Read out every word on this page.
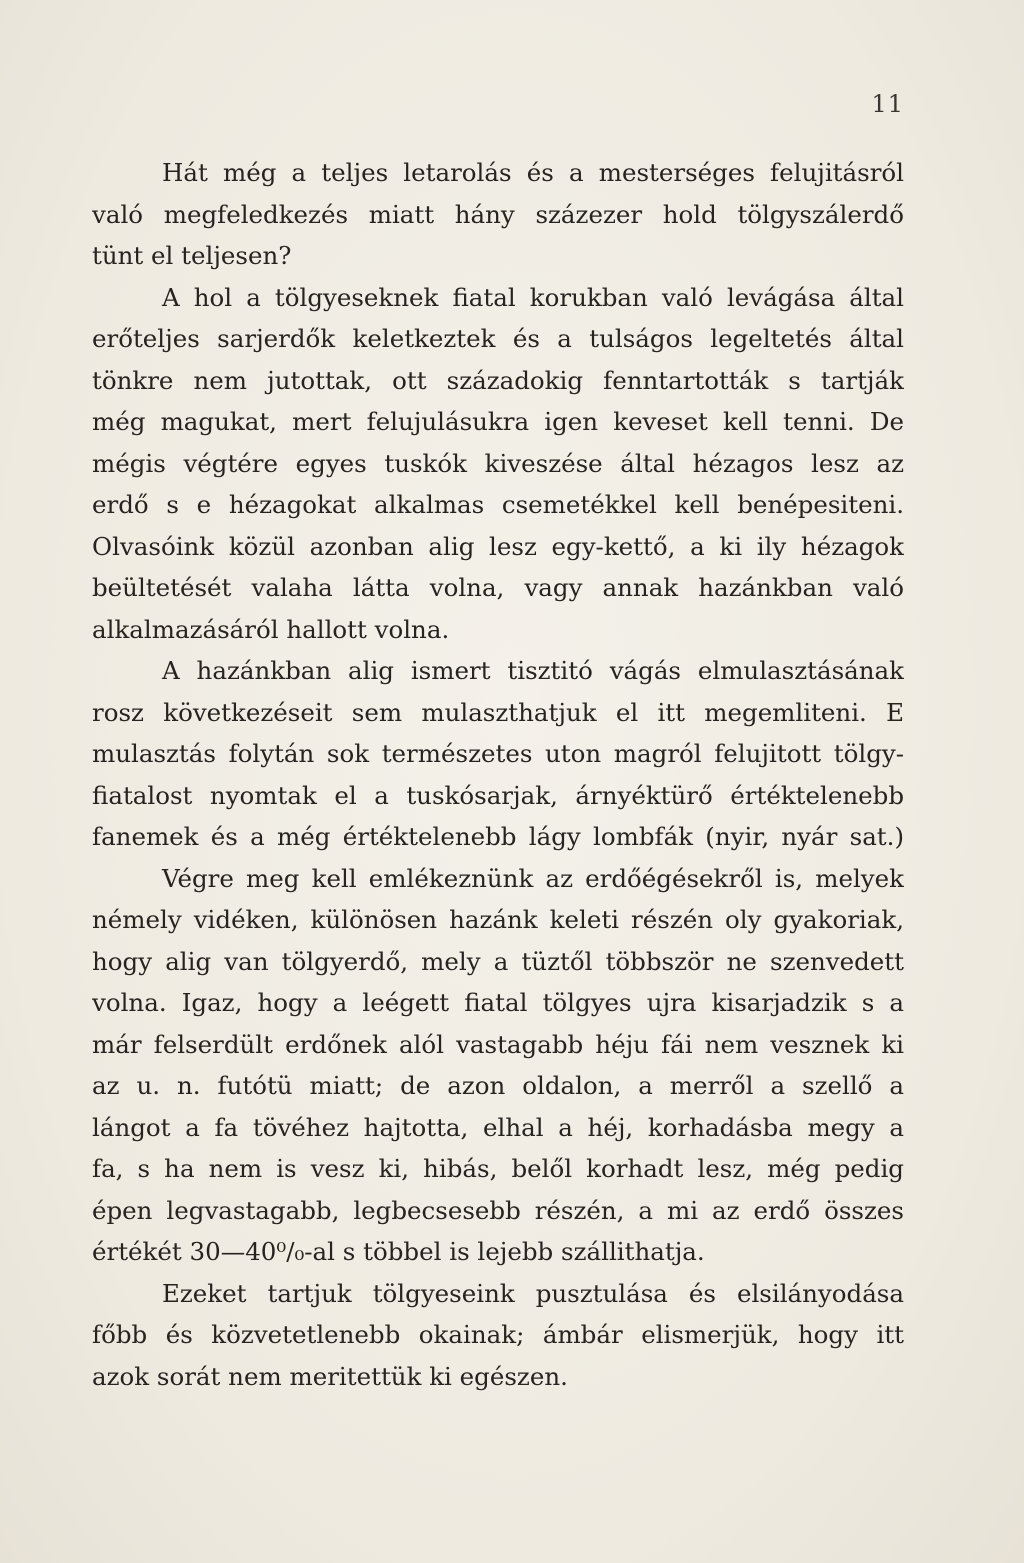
11
Hát még a teljes letarolás és a mesterséges felujitásról
való megfeledkezés miatt hány százezer hold tölgyszálerdő
tünt el teljesen?
A hol a tölgyeseknek fiatal korukban való levágása által
erőteljes sarjerdők keletkeztek és a tulságos legeltetés által
tönkre nem jutottak, ott századokig fenntartották s tartják
még magukat, mert felujulásukra igen keveset kell tenni. De
mégis végtére egyes tuskók kiveszése által hézagos lesz az
erdő s e hézagokat alkalmas csemetékkel kell benépesiteni.
Olvasóink közül azonban alig lesz egy-kettő, a ki ily hézagok
beültetését valaha látta volna, vagy annak hazánkban való
alkalmazásáról hallott volna.
A hazánkban alig ismert tisztitó vágás elmulasztásának
rosz következéseit sem mulaszthatjuk el itt megemliteni. E
mulasztás folytán sok természetes uton magról felujitott tölgy-
fiatalost nyomtak el a tuskósarjak, árnyéktürő értéktelenebb
fanemek és a még értéktelenebb lágy lombfák (nyir, nyár sat.)
Végre meg kell emlékeznünk az erdőégésekről is, melyek
némely vidéken, különösen hazánk keleti részén oly gyakoriak,
hogy alig van tölgyerdő, mely a tüztől többször ne szenvedett
volna. Igaz, hogy a leégett fiatal tölgyes ujra kisarjadzik s a
már felserdült erdőnek alól vastagabb héju fái nem vesznek ki
az u. n. futótü miatt; de azon oldalon, a merről a szellő a
lángot a fa tövéhez hajtotta, elhal a héj, korhadásba megy a
fa, s ha nem is vesz ki, hibás, belől korhadt lesz, még pedig
épen legvastagabb, legbecsesebb részén, a mi az erdő összes
értékét 30—40⁰/₀-al s többel is lejebb szállithatja.
Ezeket tartjuk tölgyeseink pusztulása és elsilányodása
főbb és közvetetlenebb okainak; ámbár elismerjük, hogy itt
azok sorát nem meritettük ki egészen.
